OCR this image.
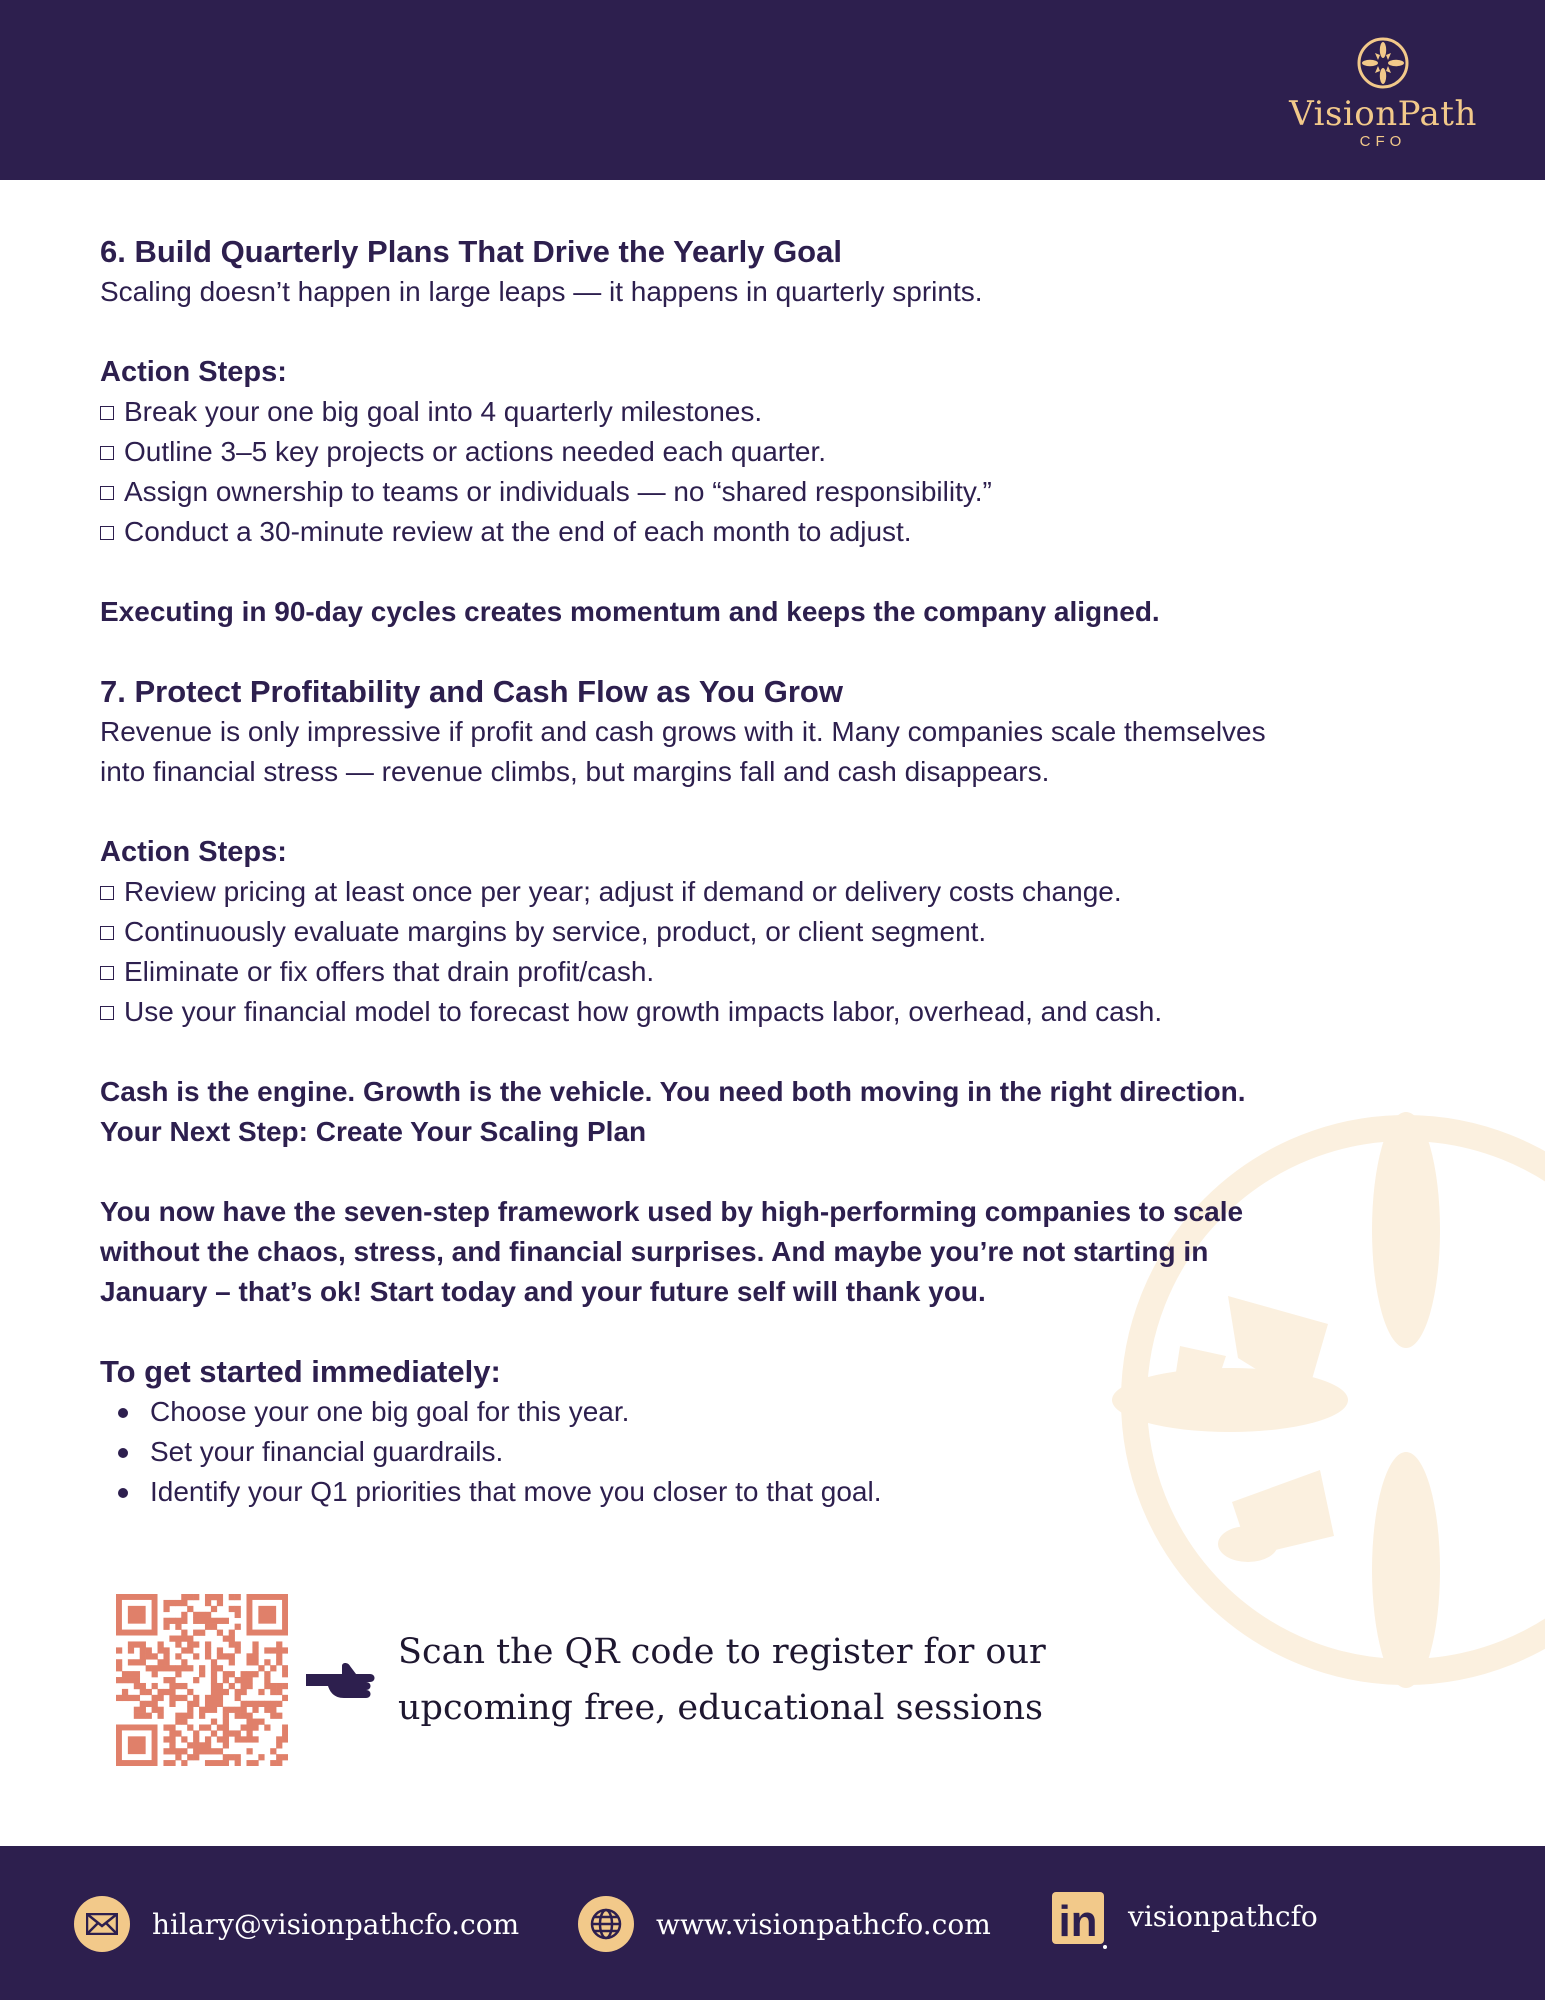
VisionPath
CFO

6. Build Quarterly Plans That Drive the Yearly Goal

Scaling doesn’t happen in large leaps — it happens in quarterly sprints.

Action Steps:

Break your one big goal into 4 quarterly milestones.

Outline 3–5 key projects or actions needed each quarter.

Assign ownership to teams or individuals — no “shared responsibility.”

Conduct a 30-minute review at the end of each month to adjust.

Executing in 90-day cycles creates momentum and keeps the company aligned.

7. Protect Profitability and Cash Flow as You Grow

Revenue is only impressive if profit and cash grows with it. Many companies scale themselves

into financial stress — revenue climbs, but margins fall and cash disappears.

Action Steps:

Review pricing at least once per year; adjust if demand or delivery costs change.

Continuously evaluate margins by service, product, or client segment.

Eliminate or fix offers that drain profit/cash.

Use your financial model to forecast how growth impacts labor, overhead, and cash.

Cash is the engine. Growth is the vehicle. You need both moving in the right direction.

Your Next Step: Create Your Scaling Plan

You now have the seven-step framework used by high-performing companies to scale

without the chaos, stress, and financial surprises. And maybe you’re not starting in

January – that’s ok! Start today and your future self will thank you.

To get started immediately:

Choose your one big goal for this year.
Set your financial guardrails.
Identify your Q1 priorities that move you closer to that goal.
Scan the QR code to register for our
upcoming free, educational sessions
hilary@visionpathcfo.com	www.visionpathcfo.com in visionpathcfo
